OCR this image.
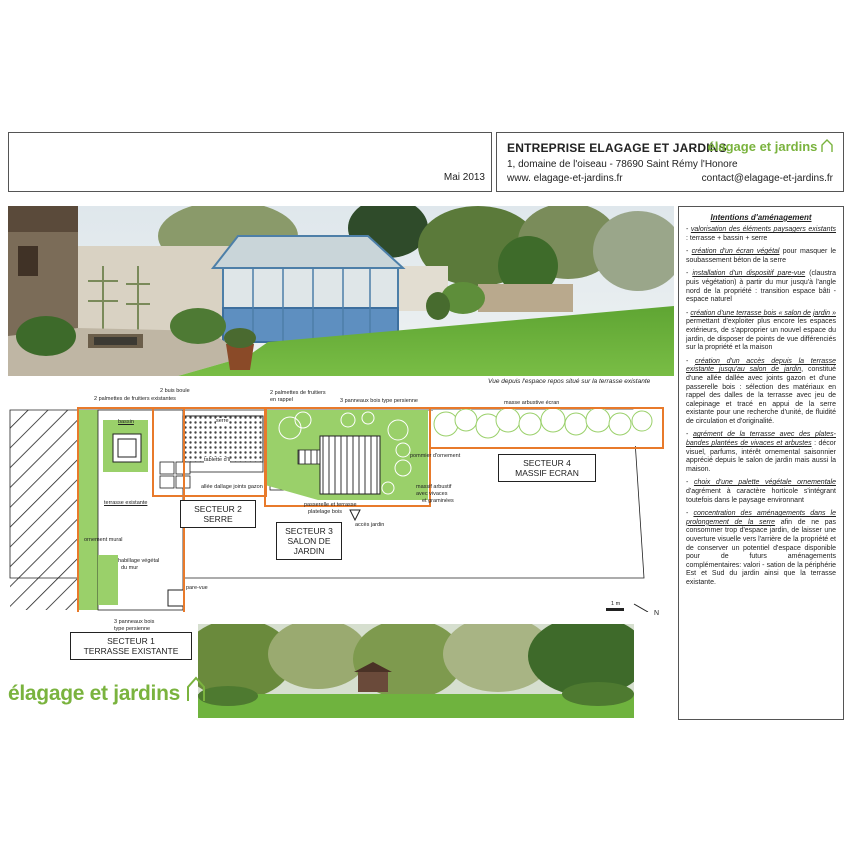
Mai 2013
ENTREPRISE ELAGAGE ET JARDINS
1, domaine de l'oiseau - 78690 Saint Rémy l'Honore
www. elagage-et-jardins.fr	contact@elagage-et-jardins.fr
élagage et jardins
Vue depuis l'espace repos situé sur la terrasse existante
2 palmettes de fruitiers existantes
2 buis boule	2 palmettes de fruitiers
en rappel	3 panneaux bois type persienne	masse arbustive écran
bassin	serre
tablette d'll
allée dallage joints gazon
pommier d'ornement
massif arbustif
avec vivaces
et graminées
passerelle et terrasse
platelage bois
accès jardin
terrasse existante
ornement mural
habillage végétal
du mur
pare-vue
3 panneaux bois
type persienne
1 m
N
SECTEUR 2
SERRE
SECTEUR 3
SALON DE
JARDIN
SECTEUR 4
MASSIF ECRAN
SECTEUR 1
TERRASSE EXISTANTE
élagage et jardins
Intentions d'aménagement

- valorisation des éléments paysagers existants : terrasse + bassin + serre

- création d'un écran végétal pour masquer le soubassement béton de la serre

- installation d'un dispositif pare-vue (claustra puis végétation) à partir du mur jusqu'à l'angle nord de la propriété : transition espace bâti - espace naturel

- création d'une terrasse bois « salon de jardin » permettant d'exploiter plus encore les espaces extérieurs, de s'approprier un nouvel espace du jardin, de disposer de points de vue différenciés sur la propriété et la maison

- création d'un accès depuis la terrasse existante jusqu'au salon de jardin, constitué d'une allée dallée avec joints gazon et d'une passerelle bois : sélection des matériaux en rappel des dalles de la terrasse avec jeu de calepinage et tracé en appui de la serre existante pour une recherche d'unité, de fluidité de circulation et d'originalité.

- agrément de la terrasse avec des plates-bandes plantées de vivaces et arbustes : décor visuel, parfums, intérêt ornemental saisonnier apprécié depuis le salon de jardin mais aussi la maison.

- choix d'une palette végétale ornementale d'agrément à caractère horticole s'intégrant toutefois dans le paysage environnant

- concentration des aménagements dans le prolongement de la serre afin de ne pas consommer trop d'espace jardin, de laisser une ouverture visuelle vers l'arrière de la propriété et de conserver un potentiel d'espace disponible pour de futurs aménagements complémentaires: valori - sation de la périphérie Est et Sud du jardin ainsi que la terrasse existante.
